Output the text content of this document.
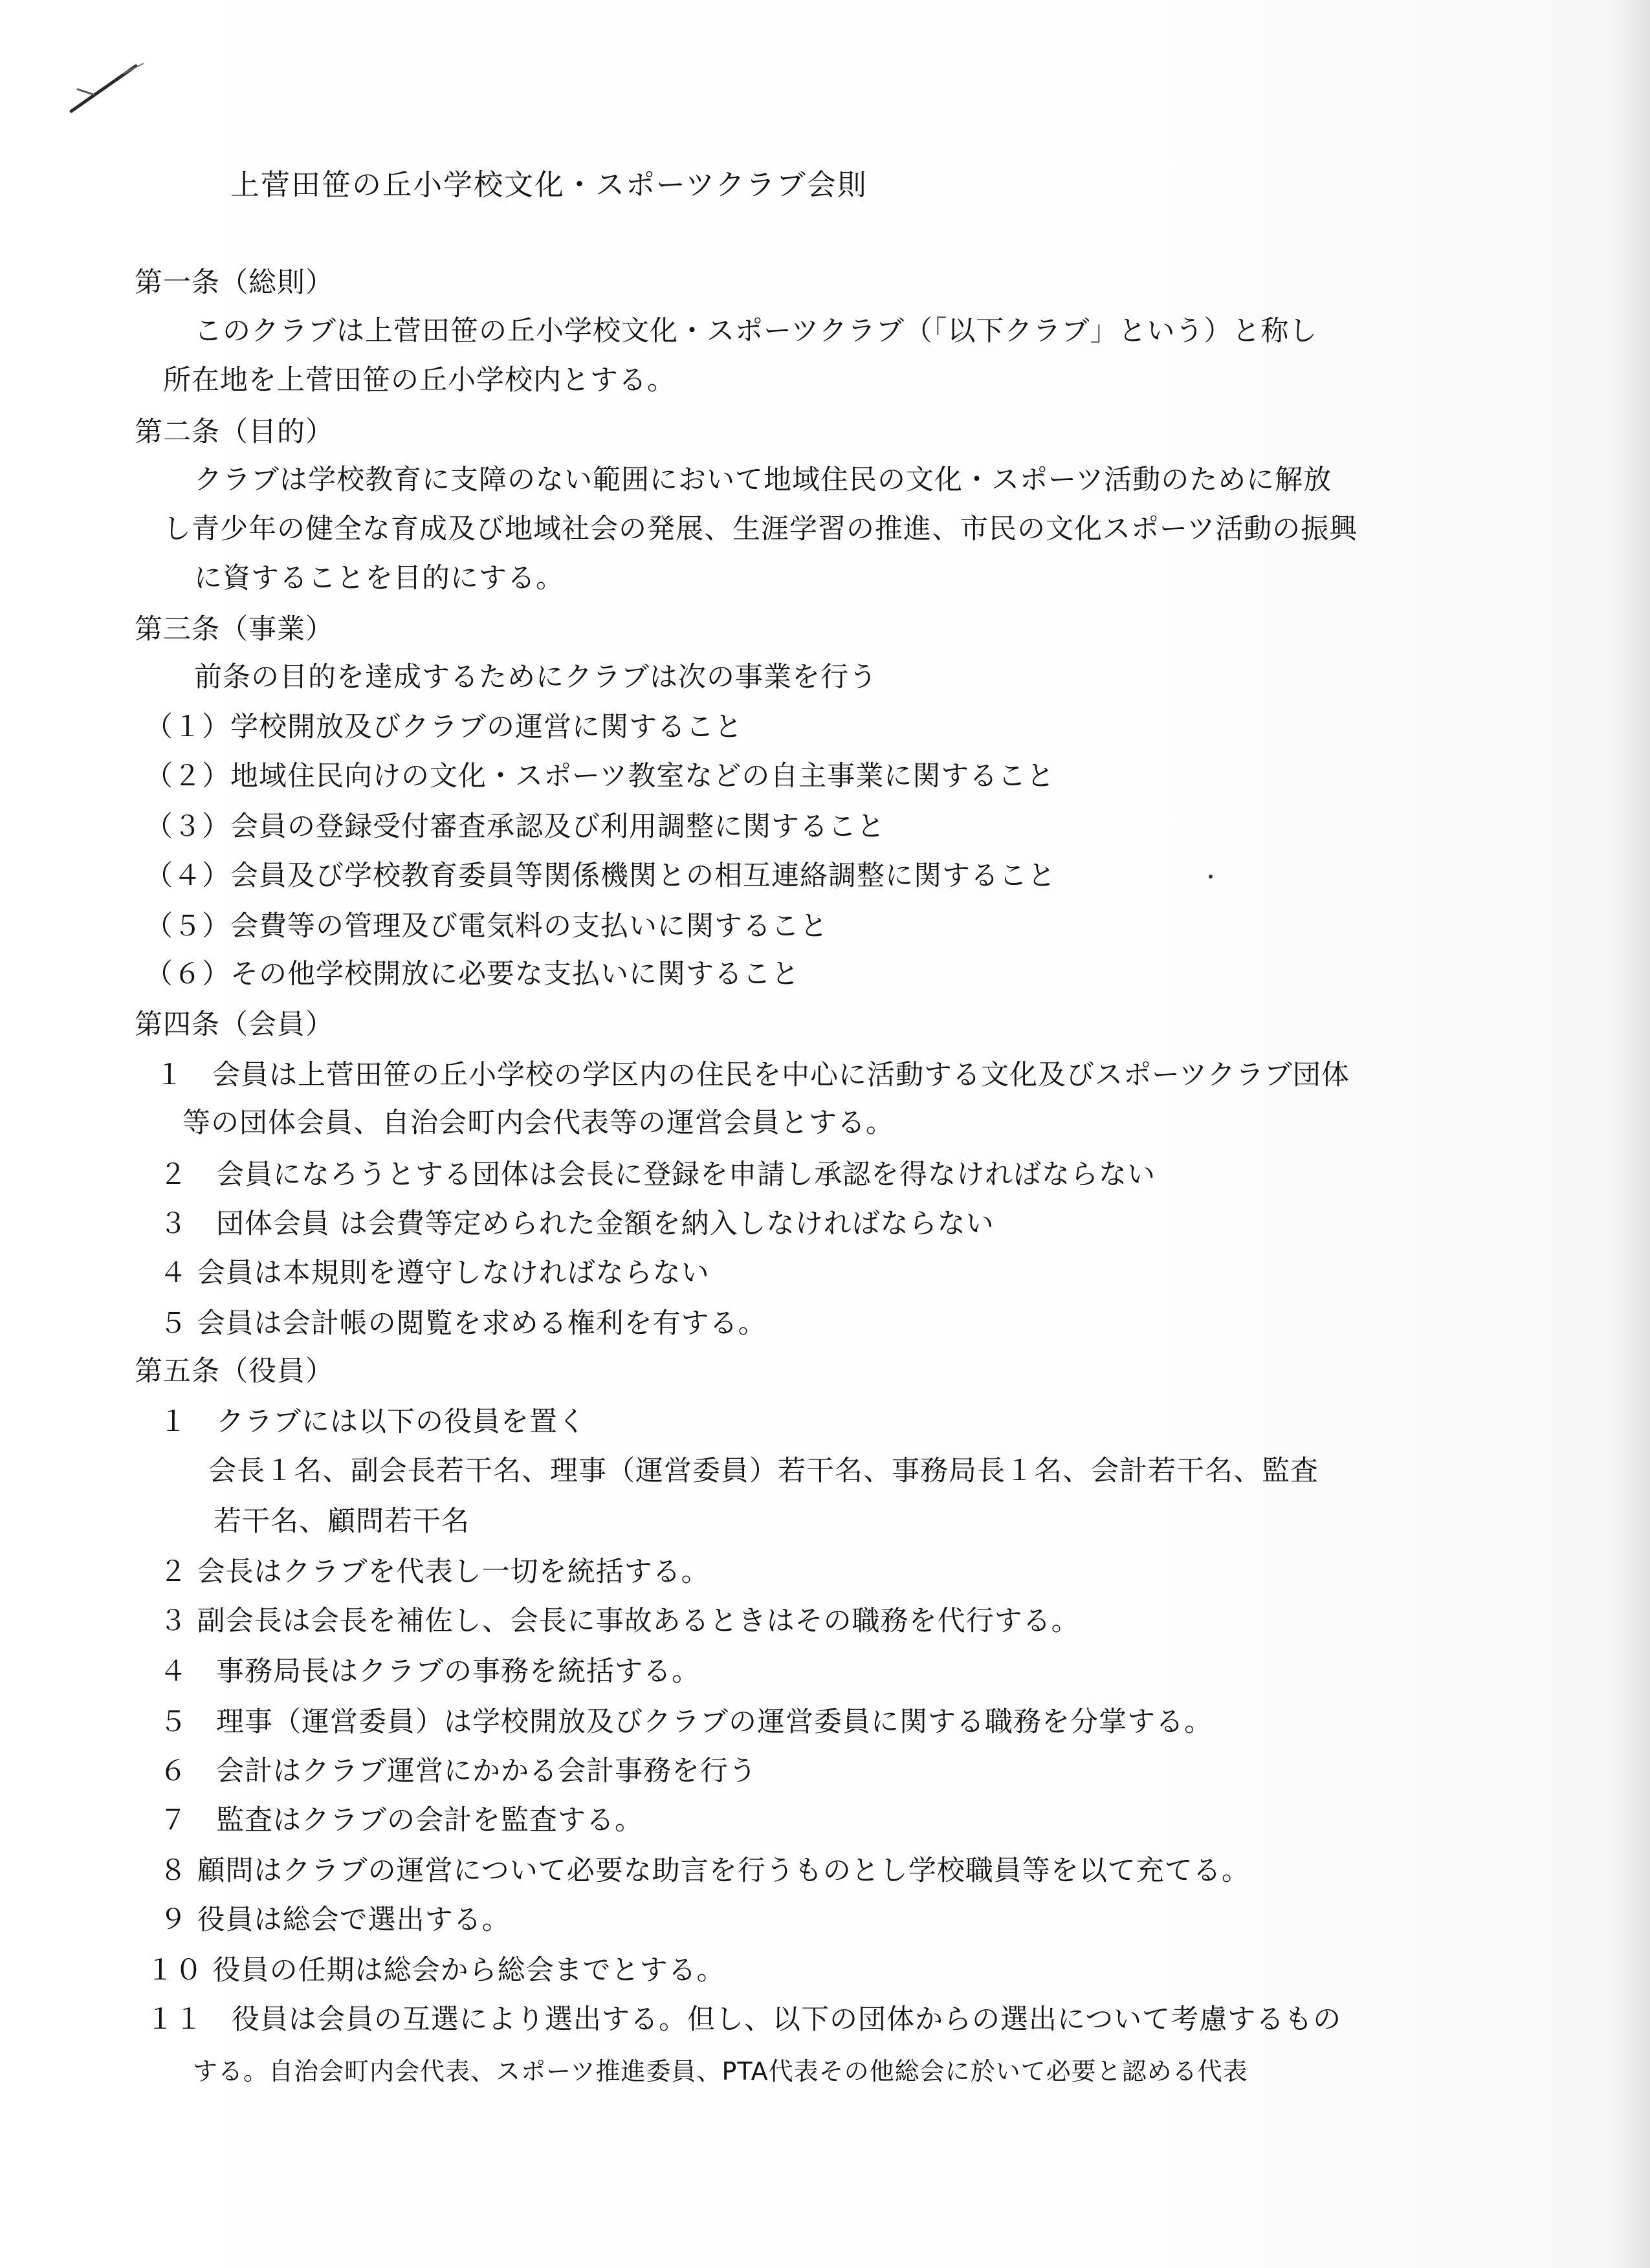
上菅田笹の丘小学校文化・スポーツクラブ会則
第一条（総則）
このクラブは上菅田笹の丘小学校文化・スポーツクラブ（「以下クラブ」という）と称し
所在地を上菅田笹の丘小学校内とする。
第二条（目的）
クラブは学校教育に支障のない範囲において地域住民の文化・スポーツ活動のために解放
し青少年の健全な育成及び地域社会の発展、生涯学習の推進、市民の文化スポーツ活動の振興
に資することを目的にする。
第三条（事業）
前条の目的を達成するためにクラブは次の事業を行う
（１）学校開放及びクラブの運営に関すること
（２）地域住民向けの文化・スポーツ教室などの自主事業に関すること
（３）会員の登録受付審査承認及び利用調整に関すること
（４）会員及び学校教育委員等関係機関との相互連絡調整に関すること
（５）会費等の管理及び電気料の支払いに関すること
（６）その他学校開放に必要な支払いに関すること
第四条（会員）
１　会員は上菅田笹の丘小学校の学区内の住民を中心に活動する文化及びスポーツクラブ団体
等の団体会員、自治会町内会代表等の運営会員とする。
２　会員になろうとする団体は会長に登録を申請し承認を得なければならない
３　団体会員 は会費等定められた金額を納入しなければならない
４ 会員は本規則を遵守しなければならない
５ 会員は会計帳の閲覧を求める権利を有する。
第五条（役員）
１　クラブには以下の役員を置く
会長１名、副会長若干名、理事（運営委員）若干名、事務局長１名、会計若干名、監査
若干名、顧問若干名
２ 会長はクラブを代表し一切を統括する。
３ 副会長は会長を補佐し、会長に事故あるときはその職務を代行する。
４　事務局長はクラブの事務を統括する。
５　理事（運営委員）は学校開放及びクラブの運営委員に関する職務を分掌する。
６　会計はクラブ運営にかかる会計事務を行う
７　監査はクラブの会計を監査する。
８ 顧問はクラブの運営について必要な助言を行うものとし学校職員等を以て充てる。
９ 役員は総会で選出する。
１０ 役員の任期は総会から総会までとする。
１１　役員は会員の互選により選出する。但し、以下の団体からの選出について考慮するもの
する。自治会町内会代表、スポーツ推進委員、PTA代表その他総会に於いて必要と認める代表
